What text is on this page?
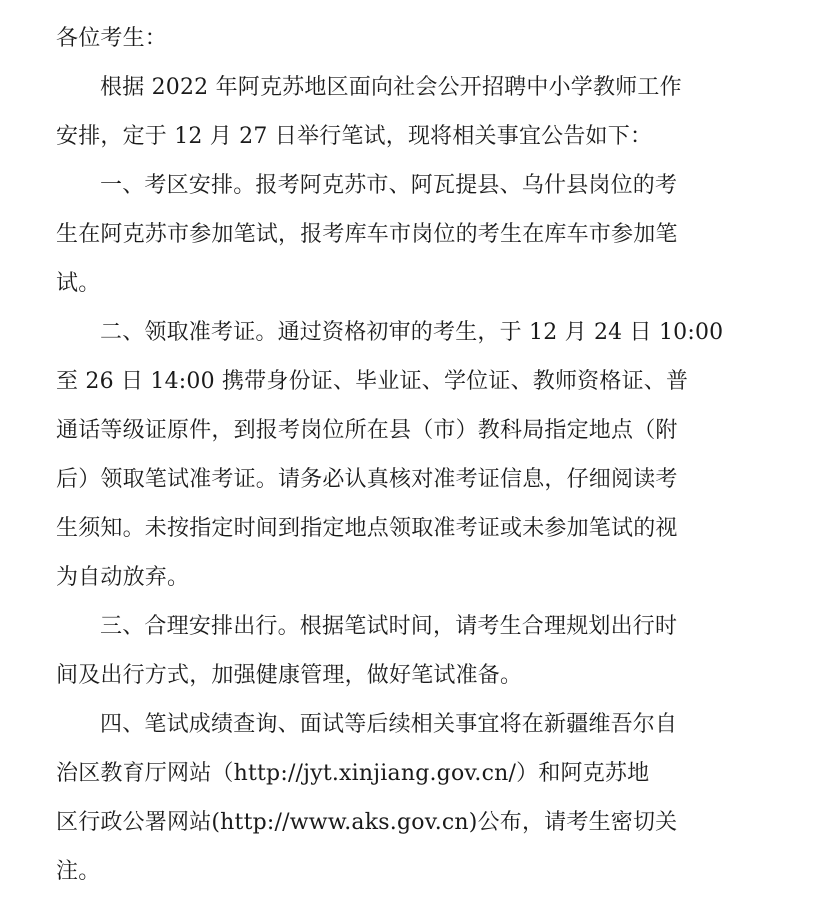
各位考生：
根据 2022 年阿克苏地区面向社会公开招聘中小学教师工作
安排，定于 12 月 27 日举行笔试，现将相关事宜公告如下：
一、考区安排。报考阿克苏市、阿瓦提县、乌什县岗位的考
生在阿克苏市参加笔试，报考库车市岗位的考生在库车市参加笔
试。
二、领取准考证。通过资格初审的考生，于 12 月 24 日 10:00
至 26 日 14:00 携带身份证、毕业证、学位证、教师资格证、普
通话等级证原件，到报考岗位所在县（市）教科局指定地点（附
后）领取笔试准考证。请务必认真核对准考证信息，仔细阅读考
生须知。未按指定时间到指定地点领取准考证或未参加笔试的视
为自动放弃。
三、合理安排出行。根据笔试时间，请考生合理规划出行时
间及出行方式，加强健康管理，做好笔试准备。
四、笔试成绩查询、面试等后续相关事宜将在新疆维吾尔自
治区教育厅网站（http://jyt.xinjiang.gov.cn/）和阿克苏地
区行政公署网站(http://www.aks.gov.cn)公布，请考生密切关
注。
